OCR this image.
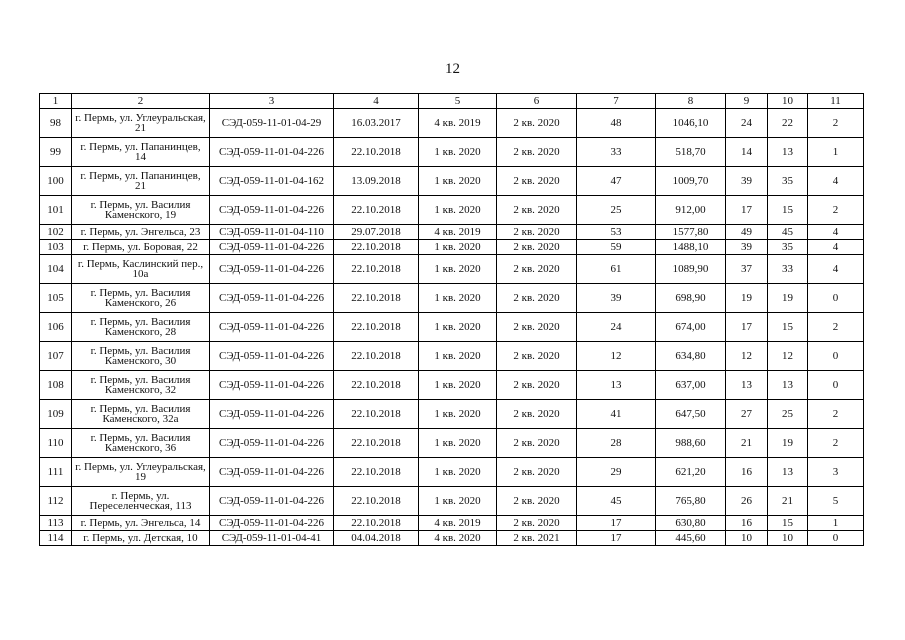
12
1	2	3	4	5	6	7	8	9	10	11
98	г. Пермь, ул. Углеуральская, 21	СЭД-059-11-01-04-29	16.03.2017	4 кв. 2019	2 кв. 2020	48	1046,10	24	22	2
99	г. Пермь, ул. Папанинцев, 14	СЭД-059-11-01-04-226	22.10.2018	1 кв. 2020	2 кв. 2020	33	518,70	14	13	1
100	г. Пермь, ул. Папанинцев, 21	СЭД-059-11-01-04-162	13.09.2018	1 кв. 2020	2 кв. 2020	47	1009,70	39	35	4
101	г. Пермь, ул. Василия Каменского, 19	СЭД-059-11-01-04-226	22.10.2018	1 кв. 2020	2 кв. 2020	25	912,00	17	15	2
102	г. Пермь, ул. Энгельса, 23	СЭД-059-11-01-04-110	29.07.2018	4 кв. 2019	2 кв. 2020	53	1577,80	49	45	4
103	г. Пермь, ул. Боровая, 22	СЭД-059-11-01-04-226	22.10.2018	1 кв. 2020	2 кв. 2020	59	1488,10	39	35	4
104	г. Пермь, Каслинский пер., 10а	СЭД-059-11-01-04-226	22.10.2018	1 кв. 2020	2 кв. 2020	61	1089,90	37	33	4
105	г. Пермь, ул. Василия Каменского, 26	СЭД-059-11-01-04-226	22.10.2018	1 кв. 2020	2 кв. 2020	39	698,90	19	19	0
106	г. Пермь, ул. Василия Каменского, 28	СЭД-059-11-01-04-226	22.10.2018	1 кв. 2020	2 кв. 2020	24	674,00	17	15	2
107	г. Пермь, ул. Василия Каменского, 30	СЭД-059-11-01-04-226	22.10.2018	1 кв. 2020	2 кв. 2020	12	634,80	12	12	0
108	г. Пермь, ул. Василия Каменского, 32	СЭД-059-11-01-04-226	22.10.2018	1 кв. 2020	2 кв. 2020	13	637,00	13	13	0
109	г. Пермь, ул. Василия Каменского, 32а	СЭД-059-11-01-04-226	22.10.2018	1 кв. 2020	2 кв. 2020	41	647,50	27	25	2
110	г. Пермь, ул. Василия Каменского, 36	СЭД-059-11-01-04-226	22.10.2018	1 кв. 2020	2 кв. 2020	28	988,60	21	19	2
111	г. Пермь, ул. Углеуральская, 19	СЭД-059-11-01-04-226	22.10.2018	1 кв. 2020	2 кв. 2020	29	621,20	16	13	3
112	г. Пермь, ул. Переселенческая, 113	СЭД-059-11-01-04-226	22.10.2018	1 кв. 2020	2 кв. 2020	45	765,80	26	21	5
113	г. Пермь, ул. Энгельса, 14	СЭД-059-11-01-04-226	22.10.2018	4 кв. 2019	2 кв. 2020	17	630,80	16	15	1
114	г. Пермь, ул. Детская, 10	СЭД-059-11-01-04-41	04.04.2018	4 кв. 2020	2 кв. 2021	17	445,60	10	10	0
